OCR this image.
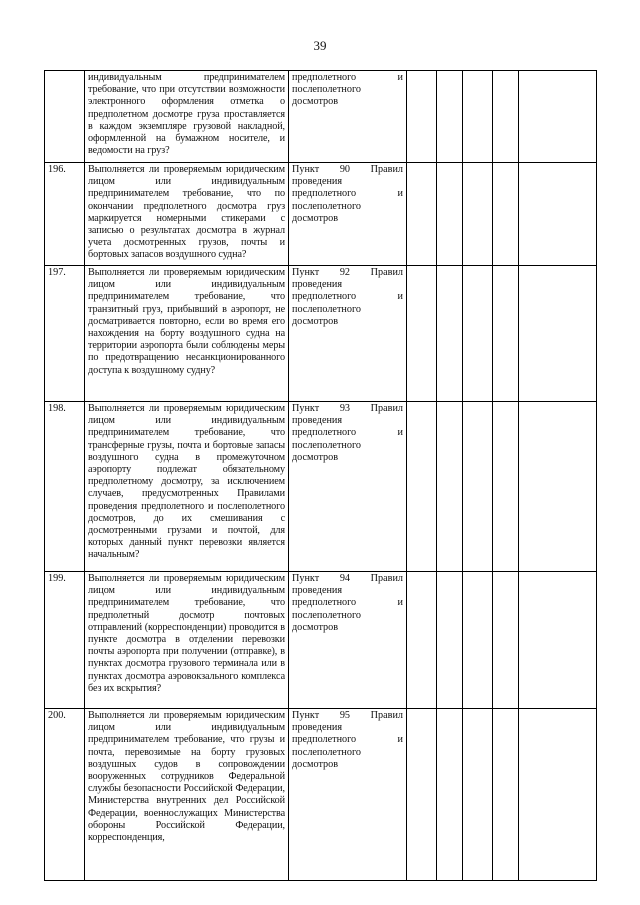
39
	индивидуальным предпринимателем требование, что при отсутствии возможности электронного оформления отметка о предполетном досмотре груза проставляется в каждом экземпляре грузовой накладной, оформленной на бумажном носителе, и ведомости на груз?	предполетного и послеполетного досмотров					
196.	Выполняется ли проверяемым юридическим лицом или индивидуальным предпринимателем требование, что по окончании предполетного досмотра груз маркируется номерными стикерами с записью о результатах досмотра в журнал учета досмотренных грузов, почты и бортовых запасов воздушного судна?	Пункт 90 Правил проведения предполетного и послеполетного досмотров					
197.	Выполняется ли проверяемым юридическим лицом или индивидуальным предпринимателем требование, что транзитный груз, прибывший в аэропорт, не досматривается повторно, если во время его нахождения на борту воздушного судна на территории аэропорта были соблюдены меры по предотвращению несанкционированного доступа к воздушному судну?	Пункт 92 Правил проведения предполетного и послеполетного досмотров					
198.	Выполняется ли проверяемым юридическим лицом или индивидуальным предпринимателем требование, что трансферные грузы, почта и бортовые запасы воздушного судна в промежуточном аэропорту подлежат обязательному предполетному досмотру, за исключением случаев, предусмотренных Правилами проведения предполетного и послеполетного досмотров, до их смешивания с досмотренными грузами и почтой, для которых данный пункт перевозки является начальным?	Пункт 93 Правил проведения предполетного и послеполетного досмотров					
199.	Выполняется ли проверяемым юридическим лицом или индивидуальным предпринимателем требование, что предполетный досмотр почтовых отправлений (корреспонденции) проводится в пункте досмотра в отделении перевозки почты аэропорта при получении (отправке), в пунктах досмотра грузового терминала или в пунктах досмотра аэровокзального комплекса без их вскрытия?	Пункт 94 Правил проведения предполетного и послеполетного досмотров					
200.	Выполняется ли проверяемым юридическим лицом или индивидуальным предпринимателем требование, что грузы и почта, перевозимые на борту грузовых воздушных судов в сопровождении вооруженных сотрудников Федеральной службы безопасности Российской Федерации, Министерства внутренних дел Российской Федерации, военнослужащих Министерства обороны Российской Федерации, корреспонденция,	Пункт 95 Правил проведения предполетного и послеполетного досмотров					
